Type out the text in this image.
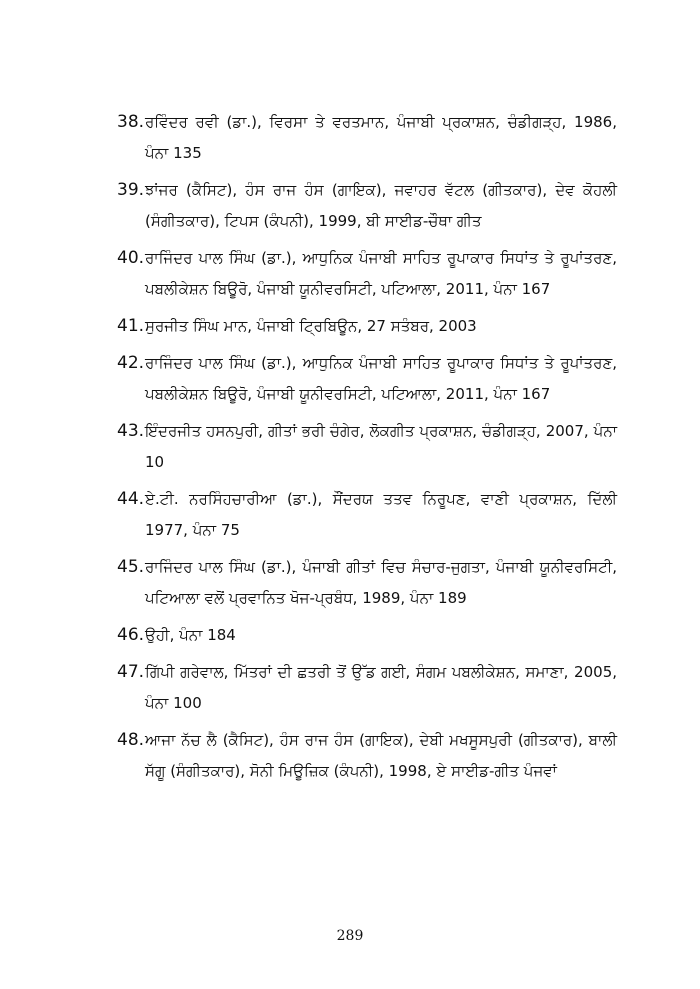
38. ਰਵਿੰਦਰ ਰਵੀ (ਡਾ.), ਵਿਰਸਾ ਤੇ ਵਰਤਮਾਨ, ਪੰਜਾਬੀ ਪ੍ਰਕਾਸ਼ਨ, ਚੰਡੀਗੜ੍ਹ, 1986, ਪੰਨਾ 135
39. ਝਾਂਜਰ (ਕੈਸਿਟ), ਹੰਸ ਰਾਜ ਹੰਸ (ਗਾਇਕ), ਜਵਾਹਰ ਵੱਟਲ (ਗੀਤਕਾਰ), ਦੇਵ ਕੋਹਲੀ (ਸੰਗੀਤਕਾਰ), ਟਿਪਸ (ਕੰਪਨੀ), 1999, ਬੀ ਸਾਈਡ-ਚੌਥਾ ਗੀਤ
40. ਰਾਜਿੰਦਰ ਪਾਲ ਸਿੰਘ (ਡਾ.), ਆਧੁਨਿਕ ਪੰਜਾਬੀ ਸਾਹਿਤ ਰੂਪਾਕਾਰ ਸਿਧਾਂਤ ਤੇ ਰੂਪਾਂਤਰਣ, ਪਬਲੀਕੇਸ਼ਨ ਬਿਊਰੋ, ਪੰਜਾਬੀ ਯੂਨੀਵਰਸਿਟੀ, ਪਟਿਆਲਾ, 2011, ਪੰਨਾ 167
41. ਸੁਰਜੀਤ ਸਿੰਘ ਮਾਨ, ਪੰਜਾਬੀ ਟ੍ਰਿਬਿਊਨ, 27 ਸਤੰਬਰ, 2003
42. ਰਾਜਿੰਦਰ ਪਾਲ ਸਿੰਘ (ਡਾ.), ਆਧੁਨਿਕ ਪੰਜਾਬੀ ਸਾਹਿਤ ਰੂਪਾਕਾਰ ਸਿਧਾਂਤ ਤੇ ਰੂਪਾਂਤਰਣ, ਪਬਲੀਕੇਸ਼ਨ ਬਿਊਰੋ, ਪੰਜਾਬੀ ਯੂਨੀਵਰਸਿਟੀ, ਪਟਿਆਲਾ, 2011, ਪੰਨਾ 167
43. ਇੰਦਰਜੀਤ ਹਸਨਪੁਰੀ, ਗੀਤਾਂ ਭਰੀ ਚੰਗੇਰ, ਲੋਕਗੀਤ ਪ੍ਰਕਾਸ਼ਨ, ਚੰਡੀਗੜ੍ਹ, 2007, ਪੰਨਾ 10
44. ਏ.ਟੀ. ਨਰਸਿੰਹਚਾਰੀਆ (ਡਾ.), ਸੌਂਦਰਯ ਤਤਵ ਨਿਰੂਪਣ, ਵਾਣੀ ਪ੍ਰਕਾਸ਼ਨ, ਦਿੱਲੀ 1977, ਪੰਨਾ 75
45. ਰਾਜਿੰਦਰ ਪਾਲ ਸਿੰਘ (ਡਾ.), ਪੰਜਾਬੀ ਗੀਤਾਂ ਵਿਚ ਸੰਚਾਰ-ਜੁਗਤਾ, ਪੰਜਾਬੀ ਯੂਨੀਵਰਸਿਟੀ, ਪਟਿਆਲਾ ਵਲੋਂ ਪ੍ਰਵਾਨਿਤ ਖੋਜ-ਪ੍ਰਬੰਧ, 1989, ਪੰਨਾ 189
46. ਉਹੀ, ਪੰਨਾ 184
47. ਗਿੱਪੀ ਗਰੇਵਾਲ, ਮਿੱਤਰਾਂ ਦੀ ਛਤਰੀ ਤੋਂ ਉੱਡ ਗਈ, ਸੰਗਮ ਪਬਲੀਕੇਸ਼ਨ, ਸਮਾਣਾ, 2005, ਪੰਨਾ 100
48. ਆਜਾ ਨੱਚ ਲੈ (ਕੈਸਿਟ), ਹੰਸ ਰਾਜ ਹੰਸ (ਗਾਇਕ), ਦੇਬੀ ਮਖਸੂਸਪੁਰੀ (ਗੀਤਕਾਰ), ਬਾਲੀ ਸੱਗੂ (ਸੰਗੀਤਕਾਰ), ਸੋਨੀ ਮਿਊਜ਼ਿਕ (ਕੰਪਨੀ), 1998, ਏ ਸਾਈਡ-ਗੀਤ ਪੰਜਵਾਂ
289
